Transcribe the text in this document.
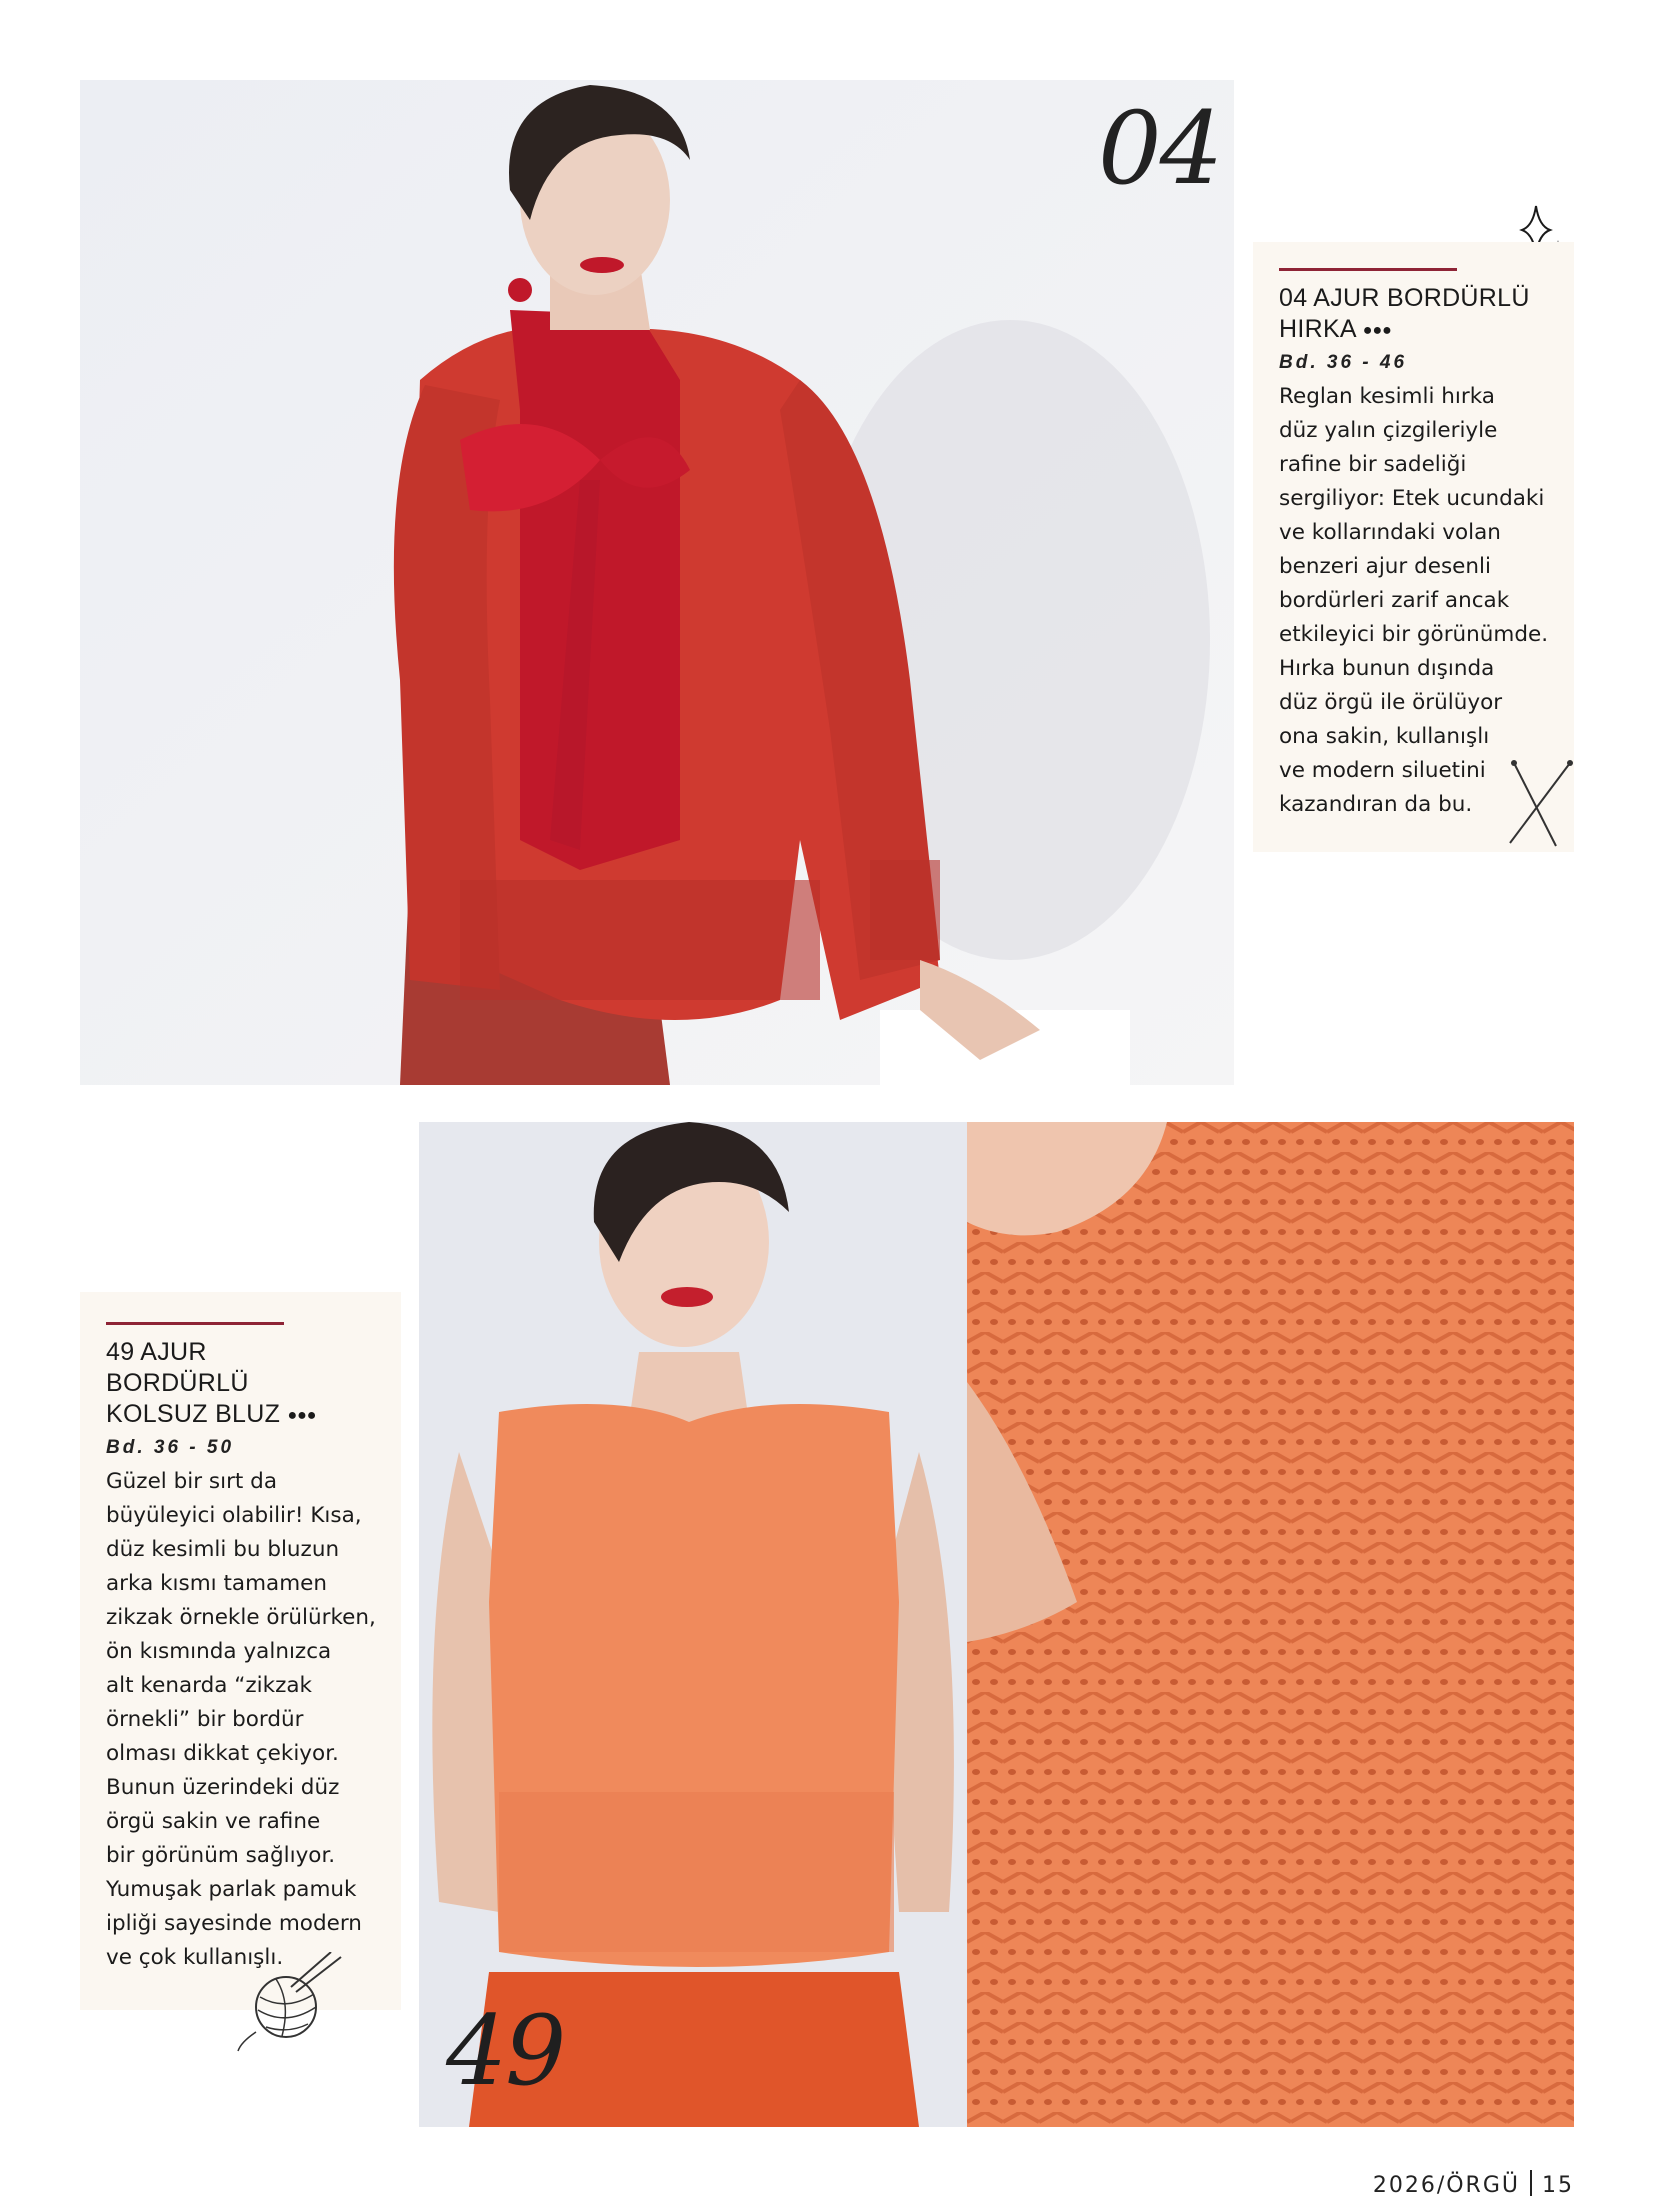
04
04 AJUR BORDÜRLÜ
HIRKA ●●●
Bd. 36 - 46
Reglan kesimli hırka
düz yalın çizgileriyle
rafine bir sadeliği
sergiliyor: Etek ucundaki
ve kollarındaki volan
benzeri ajur desenli
bordürleri zarif ancak
etkileyici bir görünümde.
Hırka bunun dışında
düz örgü ile örülüyor
ona sakin, kullanışlı
ve modern siluetini
kazandıran da bu.
49
49 AJUR
BORDÜRLÜ
KOLSUZ BLUZ ●●●
Bd. 36 - 50
Güzel bir sırt da
büyüleyici olabilir! Kısa,
düz kesimli bu bluzun
arka kısmı tamamen
zikzak örnekle örülürken,
ön kısmında yalnızca
alt kenarda “zikzak
örnekli” bir bordür
olması dikkat çekiyor.
Bunun üzerindeki düz
örgü sakin ve rafine
bir görünüm sağlıyor.
Yumuşak parlak pamuk
ipliği sayesinde modern
ve çok kullanışlı.
2026/ÖRGÜ 15
